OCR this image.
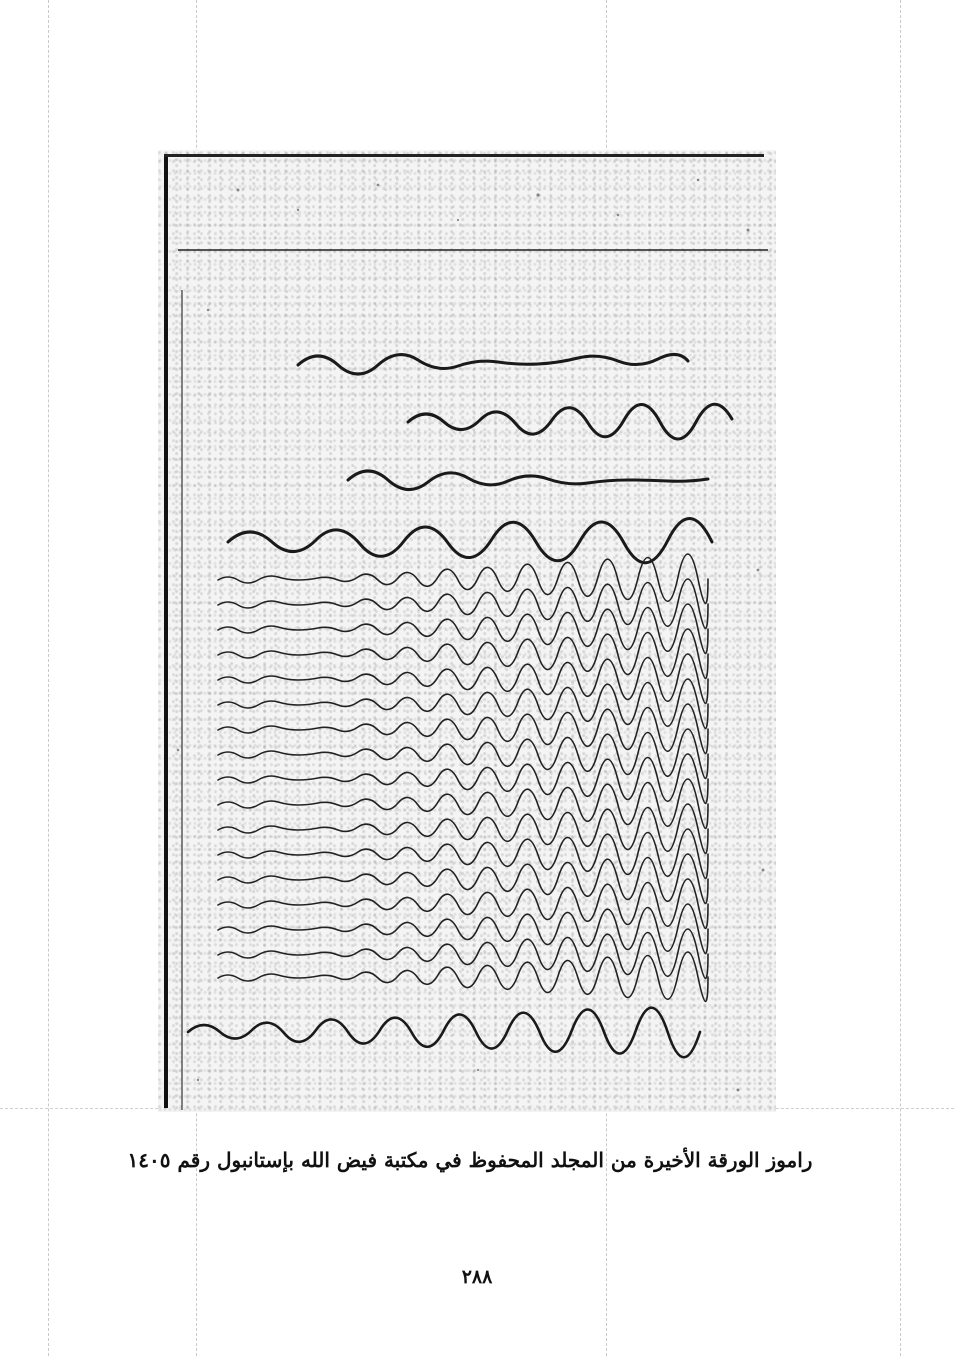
راموز الورقة الأخيرة من المجلد المحفوظ في مكتبة فيض الله بإستانبول رقم ١٤٠٥
٢٨٨
